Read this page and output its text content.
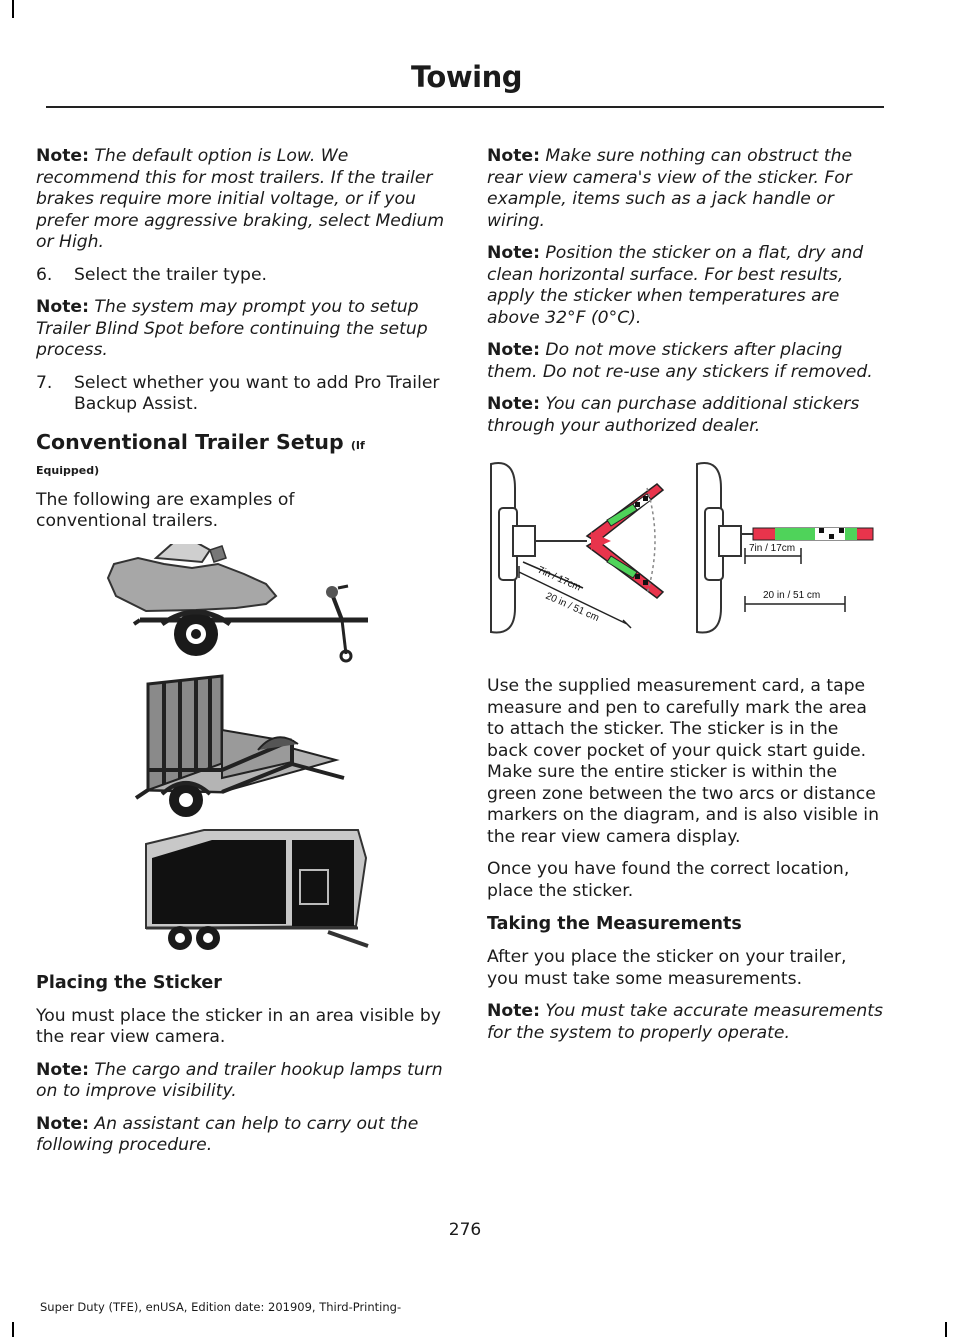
Towing

Note: The default option is Low. We recommend this for most trailers. If the trailer brakes require more initial voltage, or if you prefer more aggressive braking, select Medium or High.

6.	Select the trailer type.

Note: The system may prompt you to setup Trailer Blind Spot before continuing the setup process.

7.	Select whether you want to add Pro Trailer Backup Assist.
Conventional Trailer Setup (If
Equipped)

The following are examples of conventional trailers.

Placing the Sticker

You must place the sticker in an area visible by the rear view camera.

Note: The cargo and trailer hookup lamps turn on to improve visibility.

Note: An assistant can help to carry out the following procedure.

Note: Make sure nothing can obstruct the rear view camera's view of the sticker. For example, items such as a jack handle or wiring.

Note: Position the sticker on a flat, dry and clean horizontal surface. For best results, apply the sticker when temperatures are above 32°F (0°C).

Note: Do not move stickers after placing them. Do not re-use any stickers if removed.

Note: You can purchase additional stickers through your authorized dealer.

7in / 17cm
20 in / 51 cm
7in / 17cm
20 in / 51 cm

Use the supplied measurement card, a tape measure and pen to carefully mark the area to attach the sticker. The sticker is in the back cover pocket of your quick start guide. Make sure the entire sticker is within the green zone between the two arcs or distance markers on the diagram, and is also visible in the rear view camera display.

Once you have found the correct location, place the sticker.

Taking the Measurements

After you place the sticker on your trailer, you must take some measurements.

Note: You must take accurate measurements for the system to properly operate.

276
Super Duty (TFE), enUSA, Edition date: 201909, Third-Printing-
